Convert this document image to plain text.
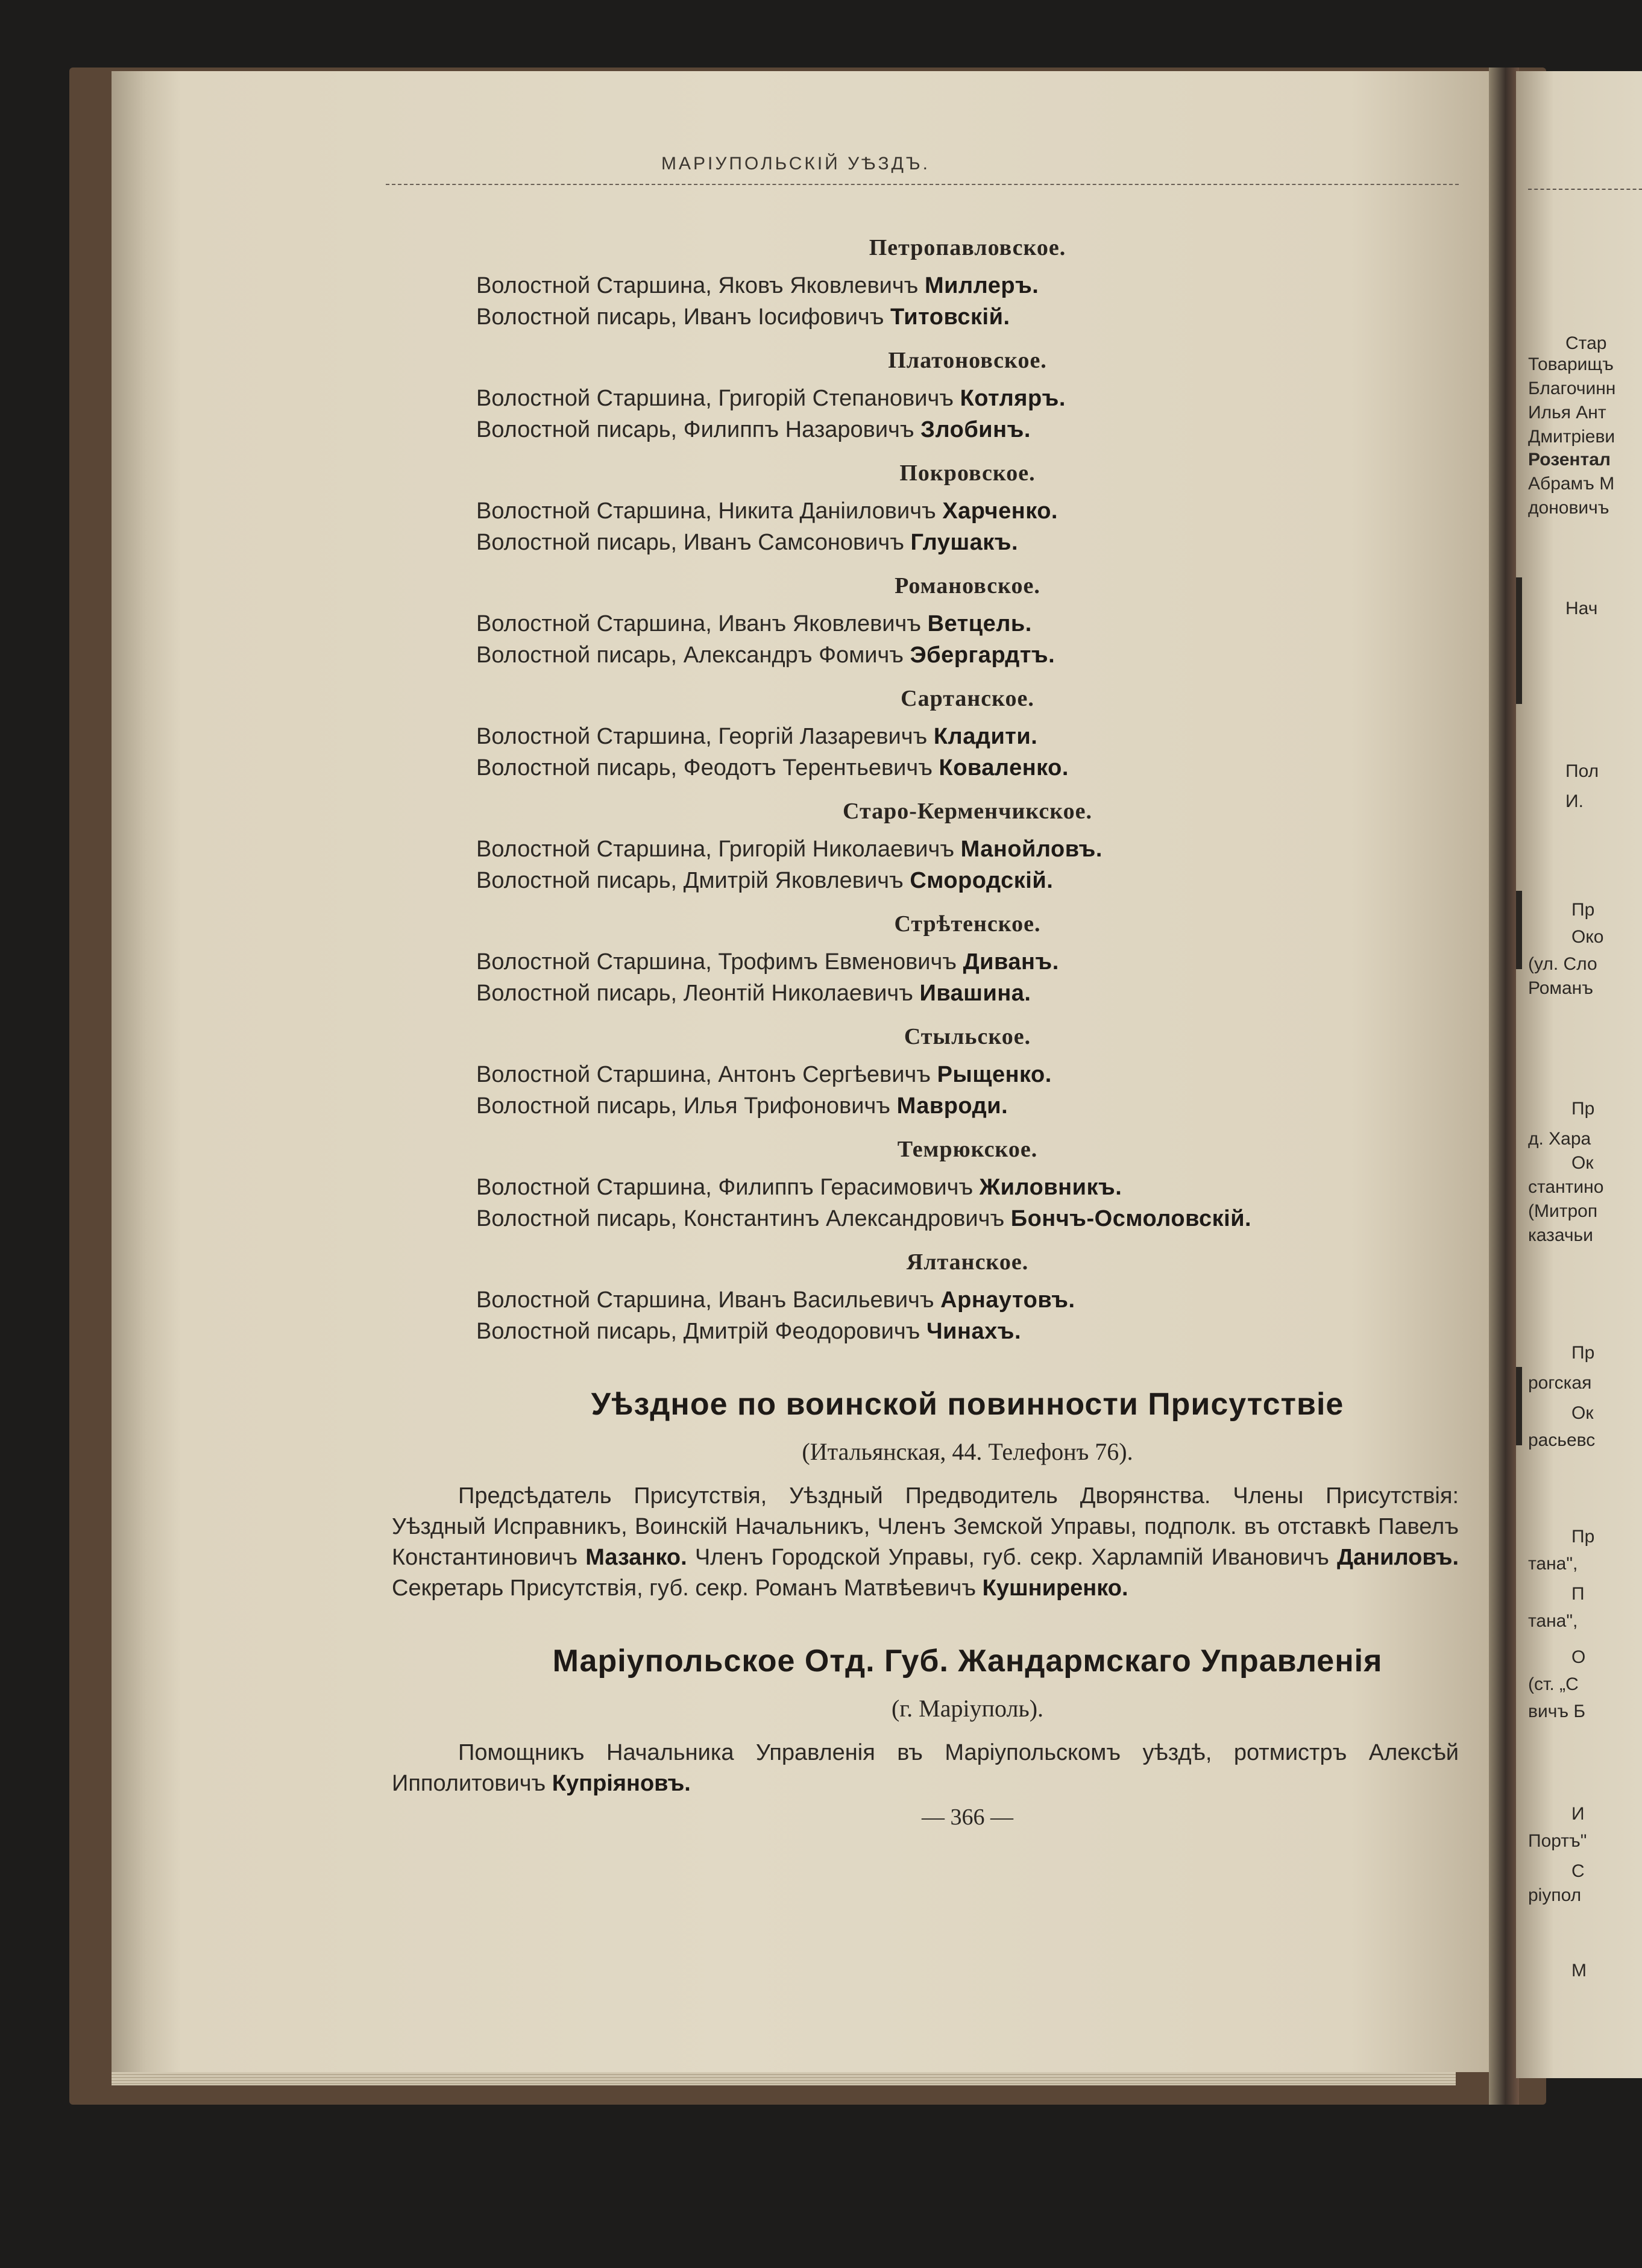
Стар
Товарищъ
Благочинн
Илья Ант
Дмитріеви
Розентал
Абрамъ М
доновичъ
Нач
Пол
И.
Пр
Око
(ул. Сло
Романъ
Пр
д. Хара
Ок
стантино
(Митроп
казачьи
Пр
рогская
Ок
расьевс
Пр
тана",
П
тана",
О
(ст. „С
вичъ Б
И
Портъ"
С
ріупол
М
МАРІУПОЛЬСКІЙ УѢЗДЪ.
Петропавловское.
Волостной Старшина, Яковъ Яковлевичъ Миллеръ.
Волостной писарь, Иванъ Іосифовичъ Титовскій.
Платоновское.
Волостной Старшина, Григорій Степановичъ Котляръ.
Волостной писарь, Филиппъ Назаровичъ Злобинъ.
Покровское.
Волостной Старшина, Никита Даніиловичъ Харченко.
Волостной писарь, Иванъ Самсоновичъ Глушакъ.
Романовское.
Волостной Старшина, Иванъ Яковлевичъ Ветцель.
Волостной писарь, Александръ Фомичъ Эбергардтъ.
Сартанское.
Волостной Старшина, Георгій Лазаревичъ Кладити.
Волостной писарь, Феодотъ Терентьевичъ Коваленко.
Старо-Керменчикское.
Волостной Старшина, Григорій Николаевичъ Манойловъ.
Волостной писарь, Дмитрій Яковлевичъ Смородскій.
Стрѣтенское.
Волостной Старшина, Трофимъ Евменовичъ Диванъ.
Волостной писарь, Леонтій Николаевичъ Ивашина.
Стыльское.
Волостной Старшина, Антонъ Сергѣевичъ Рыщенко.
Волостной писарь, Илья Трифоновичъ Мавроди.
Темрюкское.
Волостной Старшина, Филиппъ Герасимовичъ Жиловникъ.
Волостной писарь, Константинъ Александровичъ Бончъ-Осмоловскій.
Ялтанское.
Волостной Старшина, Иванъ Васильевичъ Арнаутовъ.
Волостной писарь, Дмитрій Феодоровичъ Чинахъ.
Уѣздное по воинской повинности Присутствіе
(Итальянская, 44. Телефонъ 76).
Предсѣдатель Присутствія, Уѣздный Предводитель Дворянства. Члены Присутствія: Уѣздный Исправникъ, Воинскій Начальникъ, Членъ Земской Управы, подполк. въ отставкѣ Павелъ Константиновичъ Мазанко. Членъ Городской Управы, губ. секр. Харлампій Ивановичъ Даниловъ. Секретарь Присутствія, губ. секр. Романъ Матвѣевичъ Кушниренко.
Маріупольское Отд. Губ. Жандармскаго Управленія
(г. Маріуполь).
Помощникъ Начальника Управленія въ Маріупольскомъ уѣздѣ, ротмистръ Алексѣй Ипполитовичъ Купріяновъ.
— 366 —
